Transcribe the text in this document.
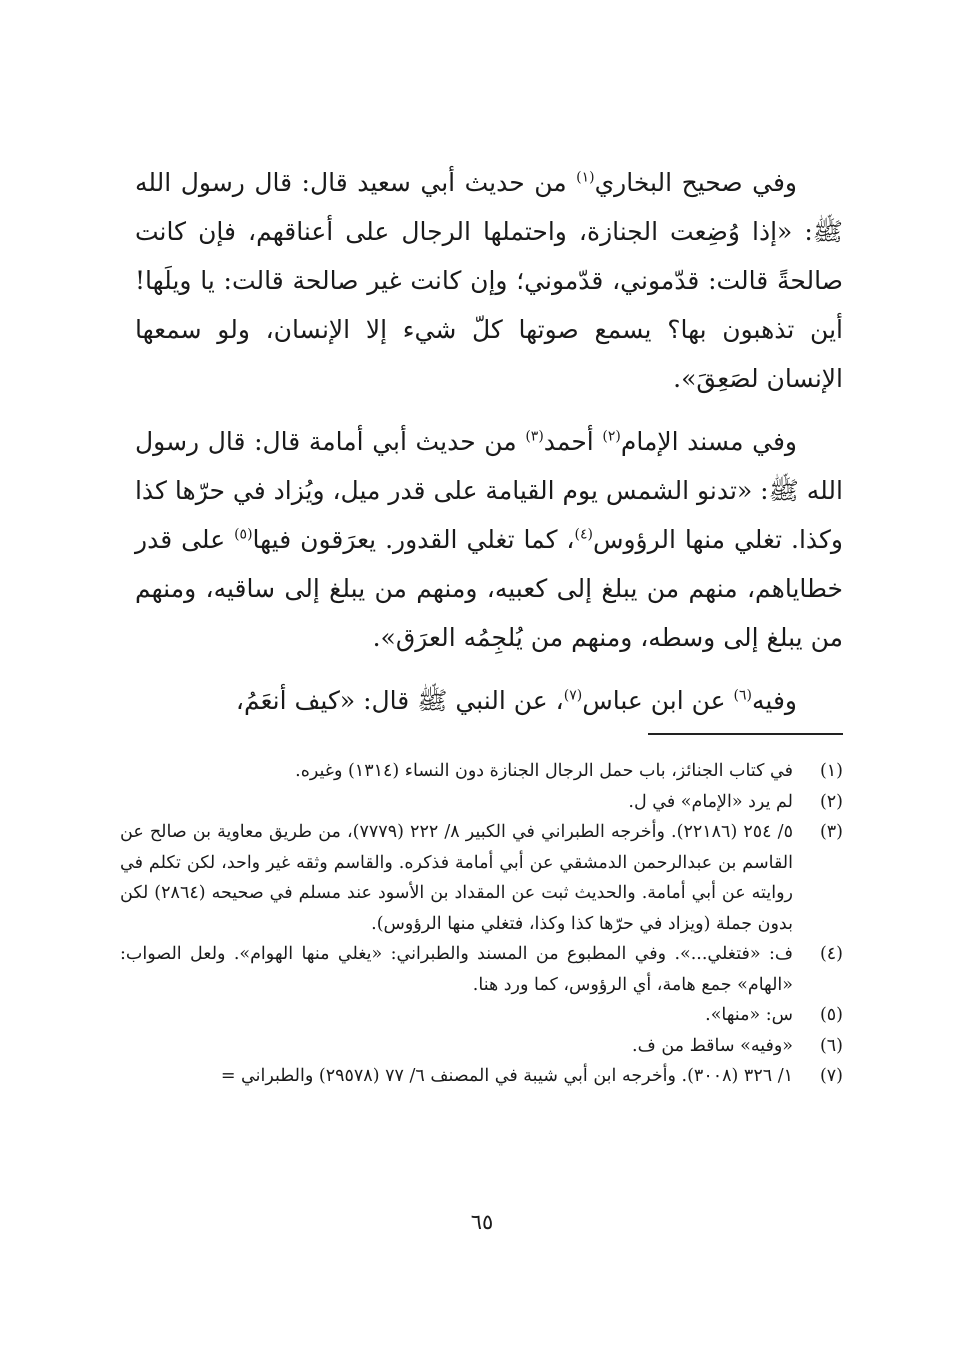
وفي صحيح البخاري$^{(١)}$ من حديث أبي سعيد قال: قال رسول الله ﷺ: «إذا وُضِعت الجنازة، واحتملها الرجال على أعناقهم، فإن كانت صالحةً قالت: قدّموني، قدّموني؛ وإن كانت غير صالحة قالت: يا ويلَها! أين تذهبون بها؟ يسمع صوتها كلّ شيء إلا الإنسان، ولو سمعها الإنسان لصَعِقَ».

وفي مسند الإمام$^{(٢)}$ أحمد$^{(٣)}$ من حديث أبي أمامة قال: قال رسول الله ﷺ: «تدنو الشمس يوم القيامة على قدر ميل، ويُزاد في حرّها كذا وكذا. تغلي منها الرؤوس$^{(٤)}$، كما تغلي القدور. يعرَقون فيها$^{(٥)}$ على قدر خطاياهم، منهم من يبلغ إلى كعبيه، ومنهم من يبلغ إلى ساقيه، ومنهم من يبلغ إلى وسطه، ومنهم من يُلجِمُه العرَق».

وفيه$^{(٦)}$ عن ابن عباس$^{(٧)}$، عن النبي ﷺ قال: «كيف أنعَمُ،

(١)
في كتاب الجنائز، باب حمل الرجال الجنازة دون النساء (١٣١٤) وغيره.
(٢)
لم يرد «الإمام» في ل.
(٣)
٥/ ٢٥٤ (٢٢١٨٦). وأخرجه الطبراني في الكبير ٨/ ٢٢٢ (٧٧٧٩)، من طريق معاوية بن صالح عن القاسم بن عبدالرحمن الدمشقي عن أبي أمامة فذكره. والقاسم وثقه غير واحد، لكن تكلم في روايته عن أبي أمامة. والحديث ثبت عن المقداد بن الأسود عند مسلم في صحيحه (٢٨٦٤) لكن بدون جملة (ويزاد في حرّها كذا وكذا، فتغلي منها الرؤوس).
(٤)
ف: «فتغلي...». وفي المطبوع من المسند والطبراني: «يغلي منها الهوام». ولعل الصواب: «الهام» جمع هامة، أي الرؤوس، كما ورد هنا.
(٥)
س: «منها».
(٦)
«وفيه» ساقط من ف.
(٧)
١/ ٣٢٦ (٣٠٠٨). وأخرجه ابن أبي شيبة في المصنف ٦/ ٧٧ (٢٩٥٧٨) والطبراني =
٦٥
